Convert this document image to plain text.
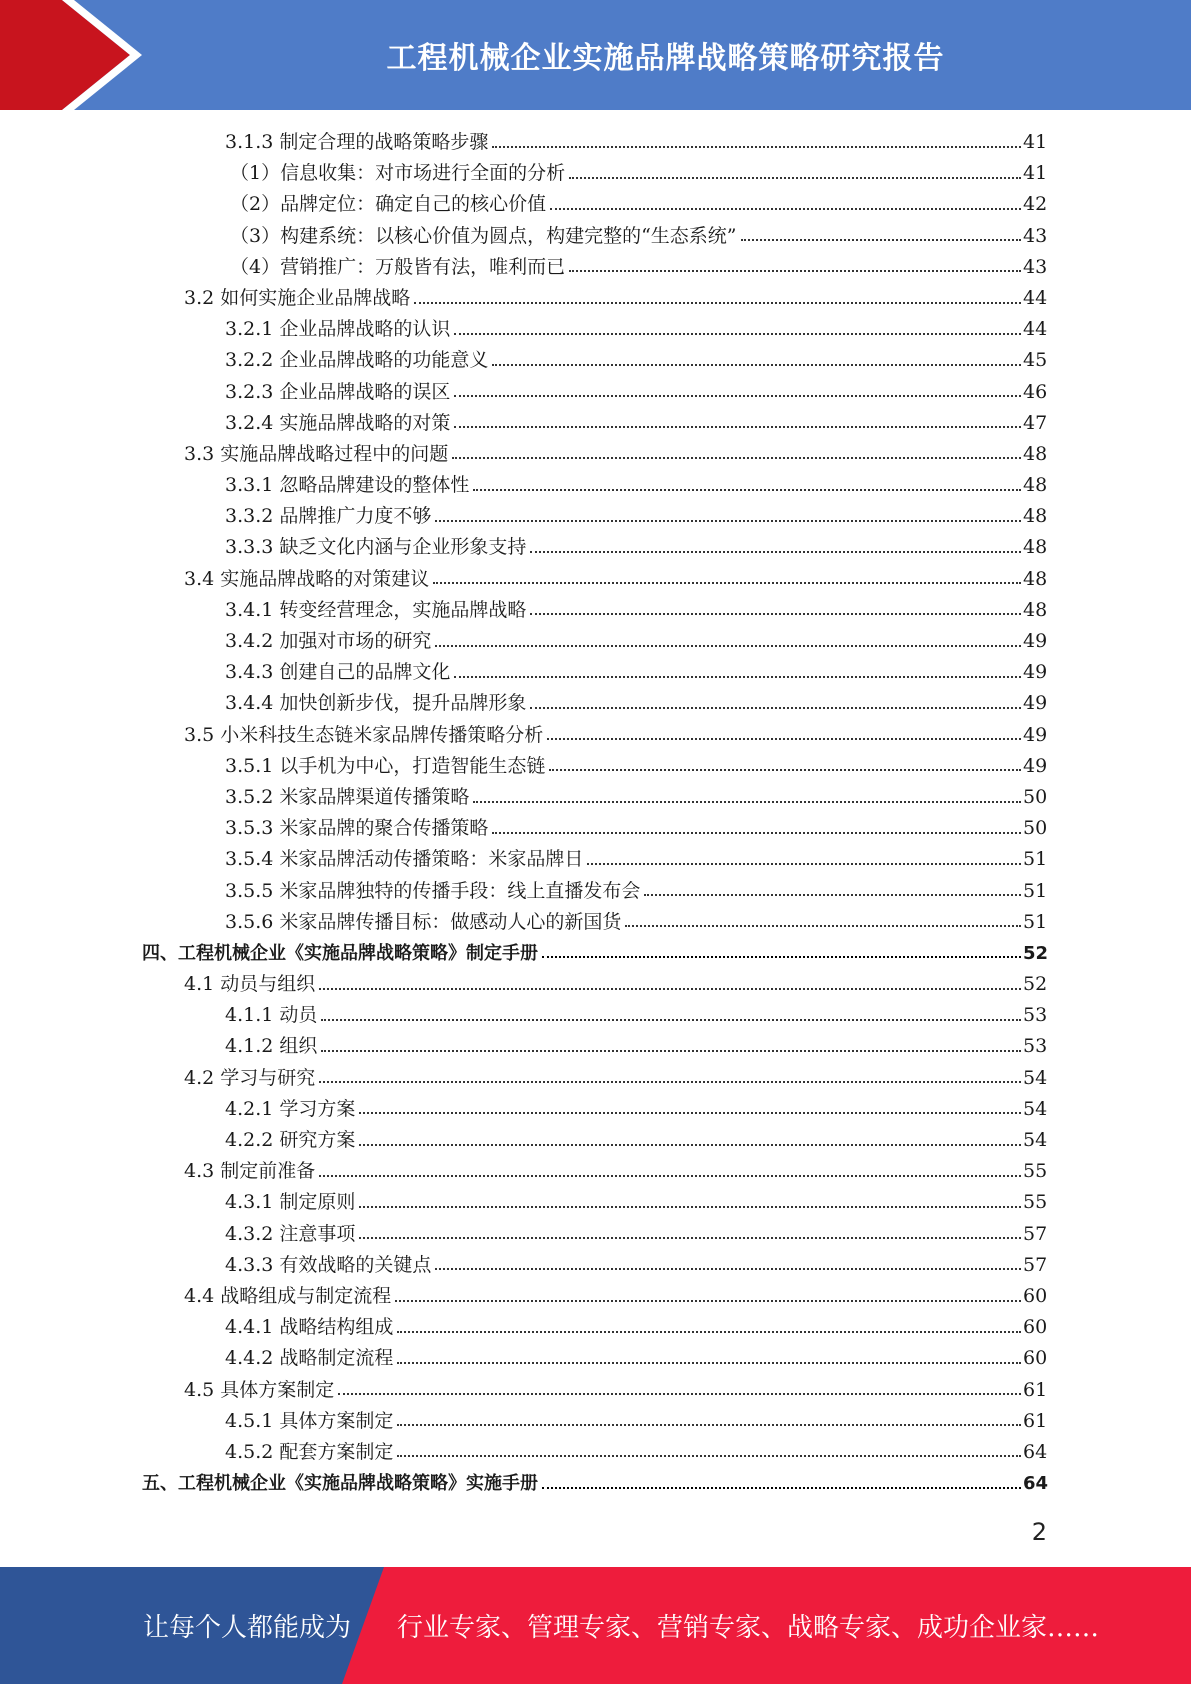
工程机械企业实施品牌战略策略研究报告
3.1.3 制定合理的战略策略步骤	41
（1）信息收集：对市场进行全面的分析	41
（2）品牌定位：确定自己的核心价值	42
（3）构建系统：以核心价值为圆点，构建完整的“生态系统”	43
（4）营销推广：万般皆有法，唯利而已	43
3.2 如何实施企业品牌战略	44
3.2.1 企业品牌战略的认识	44
3.2.2 企业品牌战略的功能意义	45
3.2.3 企业品牌战略的误区	46
3.2.4 实施品牌战略的对策	47
3.3 实施品牌战略过程中的问题	48
3.3.1 忽略品牌建设的整体性	48
3.3.2 品牌推广力度不够	48
3.3.3 缺乏文化内涵与企业形象支持	48
3.4 实施品牌战略的对策建议	48
3.4.1 转变经营理念，实施品牌战略	48
3.4.2 加强对市场的研究	49
3.4.3 创建自己的品牌文化	49
3.4.4 加快创新步伐，提升品牌形象	49
3.5 小米科技生态链米家品牌传播策略分析	49
3.5.1 以手机为中心，打造智能生态链	49
3.5.2 米家品牌渠道传播策略	50
3.5.3 米家品牌的聚合传播策略	50
3.5.4 米家品牌活动传播策略：米家品牌日	51
3.5.5 米家品牌独特的传播手段：线上直播发布会	51
3.5.6 米家品牌传播目标：做感动人心的新国货	51
四、工程机械企业《实施品牌战略策略》制定手册	52
4.1 动员与组织	52
4.1.1 动员	53
4.1.2 组织	53
4.2 学习与研究	54
4.2.1 学习方案	54
4.2.2 研究方案	54
4.3 制定前准备	55
4.3.1 制定原则	55
4.3.2 注意事项	57
4.3.3 有效战略的关键点	57
4.4 战略组成与制定流程	60
4.4.1 战略结构组成	60
4.4.2 战略制定流程	60
4.5 具体方案制定	61
4.5.1 具体方案制定	61
4.5.2 配套方案制定	64
五、工程机械企业《实施品牌战略策略》实施手册	64
2
让每个人都能成为 行业专家、管理专家、营销专家、战略专家、成功企业家……
